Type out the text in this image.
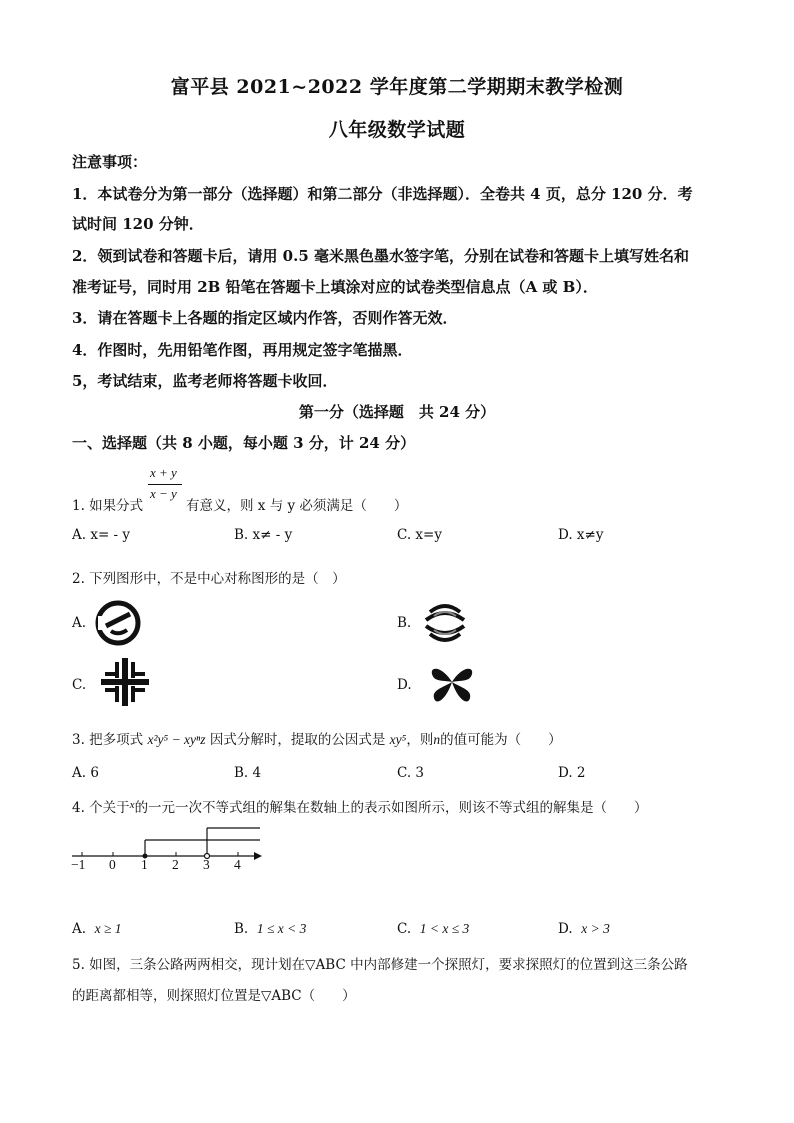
富平县 2021~2022 学年度第二学期期末教学检测
八年级数学试题
注意事项：
1．本试卷分为第一部分（选择题）和第二部分（非选择题）．全卷共 4 页，总分 120 分．考
试时间 120 分钟．
2．领到试卷和答题卡后，请用 0.5 毫米黑色墨水签字笔，分别在试卷和答题卡上填写姓名和
准考证号，同时用 2B 铅笔在答题卡上填涂对应的试卷类型信息点（A 或 B）．
3．请在答题卡上各题的指定区域内作答，否则作答无效．
4．作图时，先用铅笔作图，再用规定签字笔描黑．
5，考试结束，监考老师将答题卡收回．
第一分（选择题　共 24 分）
一、选择题（共 8 小题，每小题 3 分，计 24 分）
x + y
x − y
1. 如果分式	有意义，则 x 与 y 必须满足（　　）
A. x= - y	B. x≠ - y	C. x=y	D. x≠y
2. 下列图形中，不是中心对称图形的是（　）
A.	B.
C.	D.
3. 把多项式 x²y⁵ − xyⁿz 因式分解时，提取的公因式是 xy⁵，则n的值可能为（　　）
A. 6	B. 4	C. 3	D. 2
4. 个关于$^x$的一元一次不等式组的解集在数轴上的表示如图所示，则该不等式组的解集是（　　）
−1 0 1 2 3 4
A. x ≥ 1	B. 1 ≤ x < 3	C. 1 < x ≤ 3	D. x > 3
5. 如图，三条公路两两相交，现计划在▽ABC 中内部修建一个探照灯，要求探照灯的位置到这三条公路
的距离都相等，则探照灯位置是▽ABC（　　）
